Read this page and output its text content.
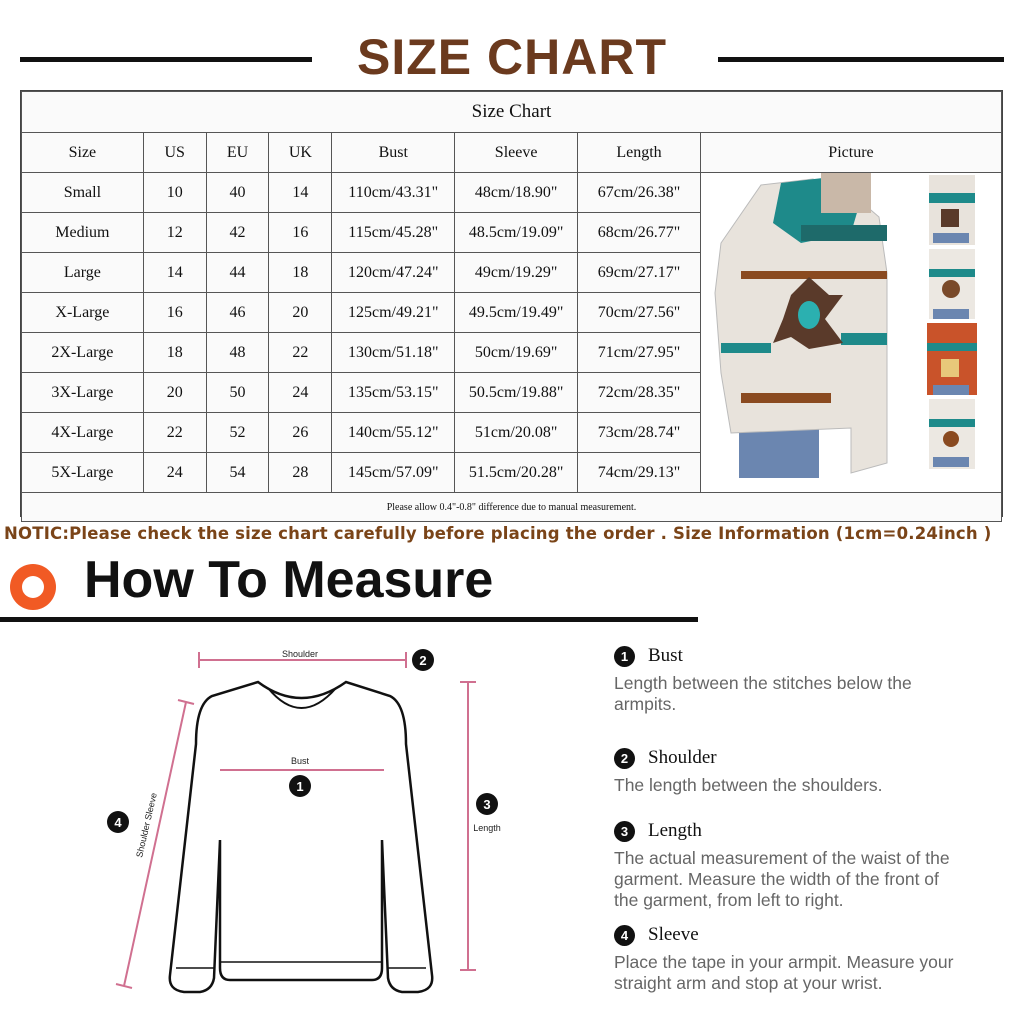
SIZE CHART
Size Chart							
Size	US	EU	UK	Bust	Sleeve	Length	Picture
Small	10	40	14	110cm/43.31"	48cm/18.90"	67cm/26.38"	
Medium	12	42	16	115cm/45.28"	48.5cm/19.09"	68cm/26.77"	
Large	14	44	18	120cm/47.24"	49cm/19.29"	69cm/27.17"	
X-Large	16	46	20	125cm/49.21"	49.5cm/19.49"	70cm/27.56"	
2X-Large	18	48	22	130cm/51.18"	50cm/19.69"	71cm/27.95"	
3X-Large	20	50	24	135cm/53.15"	50.5cm/19.88"	72cm/28.35"	
4X-Large	22	52	26	140cm/55.12"	51cm/20.08"	73cm/28.74"	
5X-Large	24	54	28	145cm/57.09"	51.5cm/20.28"	74cm/29.13"	
Please allow 0.4"-0.8" difference due to manual measurement.							
NOTIC:Please check the size chart carefully before placing the order . Size Information (1cm=0.24inch )
How To Measure
Shoulder	2
Bust
1
3
Length
4 Shoulder Sleeve
1	Bust
Length between the stitches below the armpits.
2	Shoulder
The length between the shoulders.
3	Length
The actual measurement of the waist of the garment. Measure the width of the front of the garment, from left to right.
4	Sleeve
Place the tape in your armpit. Measure your straight arm and stop at your wrist.
